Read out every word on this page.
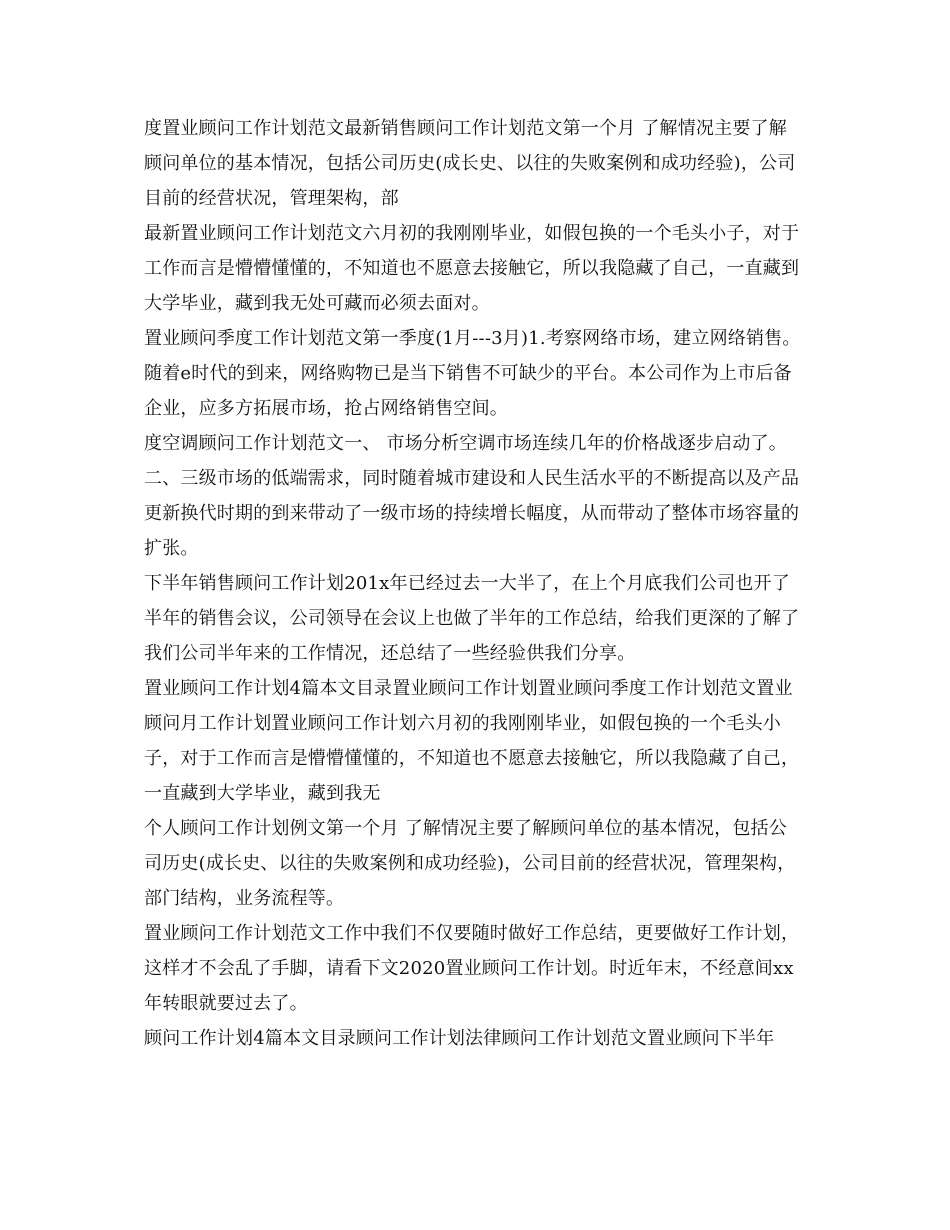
度置业顾问工作计划范文最新销售顾问工作计划范文第一个月 了解情况主要了解顾问单位的基本情况，包括公司历史(成长史、以往的失败案例和成功经验)，公司目前的经营状况，管理架构，部

最新置业顾问工作计划范文六月初的我刚刚毕业，如假包换的一个毛头小子，对于工作而言是懵懵懂懂的，不知道也不愿意去接触它，所以我隐藏了自己，一直藏到大学毕业，藏到我无处可藏而必须去面对。

置业顾问季度工作计划范文第一季度(1月---3月)1.考察网络市场，建立网络销售。 随着e时代的到来，网络购物已是当下销售不可缺少的平台。本公司作为上市后备企业，应多方拓展市场，抢占网络销售空间。

度空调顾问工作计划范文一、 市场分析空调市场连续几年的价格战逐步启动了。二、三级市场的低端需求，同时随着城市建设和人民生活水平的不断提高以及产品更新换代时期的到来带动了一级市场的持续增长幅度，从而带动了整体市场容量的扩张。

下半年销售顾问工作计划201x年已经过去一大半了，在上个月底我们公司也开了半年的销售会议，公司领导在会议上也做了半年的工作总结，给我们更深的了解了我们公司半年来的工作情况，还总结了一些经验供我们分享。

置业顾问工作计划4篇本文目录置业顾问工作计划置业顾问季度工作计划范文置业顾问月工作计划置业顾问工作计划六月初的我刚刚毕业，如假包换的一个毛头小子，对于工作而言是懵懵懂懂的，不知道也不愿意去接触它，所以我隐藏了自己，一直藏到大学毕业，藏到我无

个人顾问工作计划例文第一个月 了解情况主要了解顾问单位的基本情况，包括公司历史(成长史、以往的失败案例和成功经验)，公司目前的经营状况，管理架构，部门结构，业务流程等。

置业顾问工作计划范文工作中我们不仅要随时做好工作总结，更要做好工作计划，这样才不会乱了手脚，请看下文2020置业顾问工作计划。时近年末，不经意间xx年转眼就要过去了。

顾问工作计划4篇本文目录顾问工作计划法律顾问工作计划范文置业顾问下半年
